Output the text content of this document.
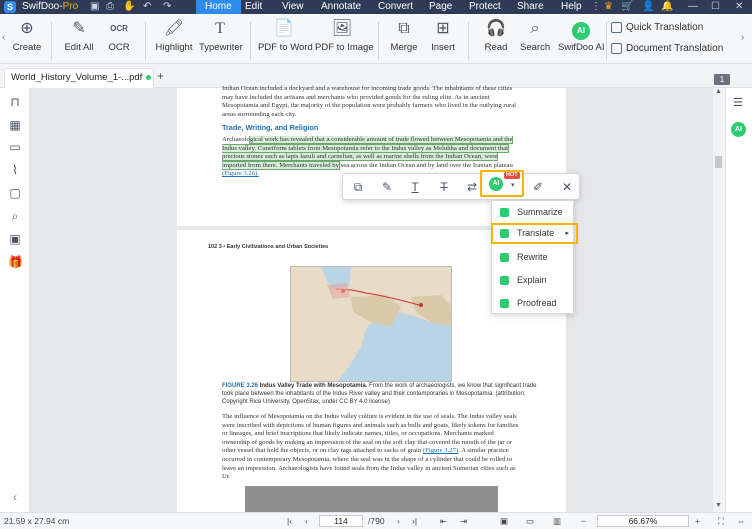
S SwifDoo-Pro ▣ ⎙ ✋ ↶ ↷	Home	Edit	View	Annotate	Convert	Page	Protect	Share	Help ⋮ ♛ 🛒 👤 🔔 — ☐ ✕
‹
⊕
Create
✎
Edit All
OCR
OCR
🖍
Highlight
T
Typewriter
📄
PDF to Word
🖼
PDF to Image
⧉
Merge
⊞
Insert
🎧
Read
⌕
Search
AI
SwifDoo AI
Quick Translation
Document Translation
›
World_History_Volume_1-...pdf	+	1
⊓
▦
▭
⌇
▢
⌕
▣
🎁
‹
Indian Ocean included a dockyard and a warehouse for incoming trade goods. The inhabitants of these cities
may have included the artisans and merchants who provided goods for the ruling elite. As in ancient
Mesopotamia and Egypt, the majority of the population were probably farmers who lived in the outlying rural
areas surrounding each city.
Trade, Writing, and Religion
Archaeological work has revealed that a considerable amount of trade flowed between Mesopotamia and the
Indus valley. Cuneiform tablets from Mesopotamia refer to the Indus valley as Meluhha and document that
precious stones such as lapis lazuli and carnelian, as well as marine shells from the Indian Ocean, were
imported from there. Merchants traveled by sea across the Indian Ocean and by land over the Iranian plateau
(Figure 3.26).
102 3 • Early Civilizations and Urban Societies
FIGURE 3.26 Indus Valley Trade with Mesopotamia. From the work of archaeologists, we know that significant trade
took place between the inhabitants of the Indus River valley and their contemporaries in Mesopotamia. (attribution:
Copyright Rice University, OpenStax, under CC BY 4.0 license)
The influence of Mesopotamia on the Indus valley culture is evident in the use of seals. The Indus valley seals
were inscribed with depictions of human figures and animals such as bulls and goats, likely tokens for families
or lineages, and brief inscriptions that likely indicate names, titles, or occupations. Merchants marked
ownership of goods by making an impression of the seal on the soft clay that covered the mouth of the jar or
other vessel that held the objects, or on clay tags attached to sacks of grain (Figure 3.27). A similar practice
occurred in contemporary Mesopotamia, where the seal was in the shape of a cylinder that could be rolled to
leave an impression. Archaeologists have found seals from the Indus valley in ancient Sumerian cities such as
Ur.
▲
▼
☰
AI
⧉	✎	T	T	⇄	✐	✕
AI
HOT
▾
Summarize
Translate ▸
Rewrite
Explain
Proofread
21.59 x 27.94 cm	|‹ ‹	114	/790 › ›|	⇤ ⇥	▣ ▭ ▥ −	66.67%	+ ⛶ ⇔
